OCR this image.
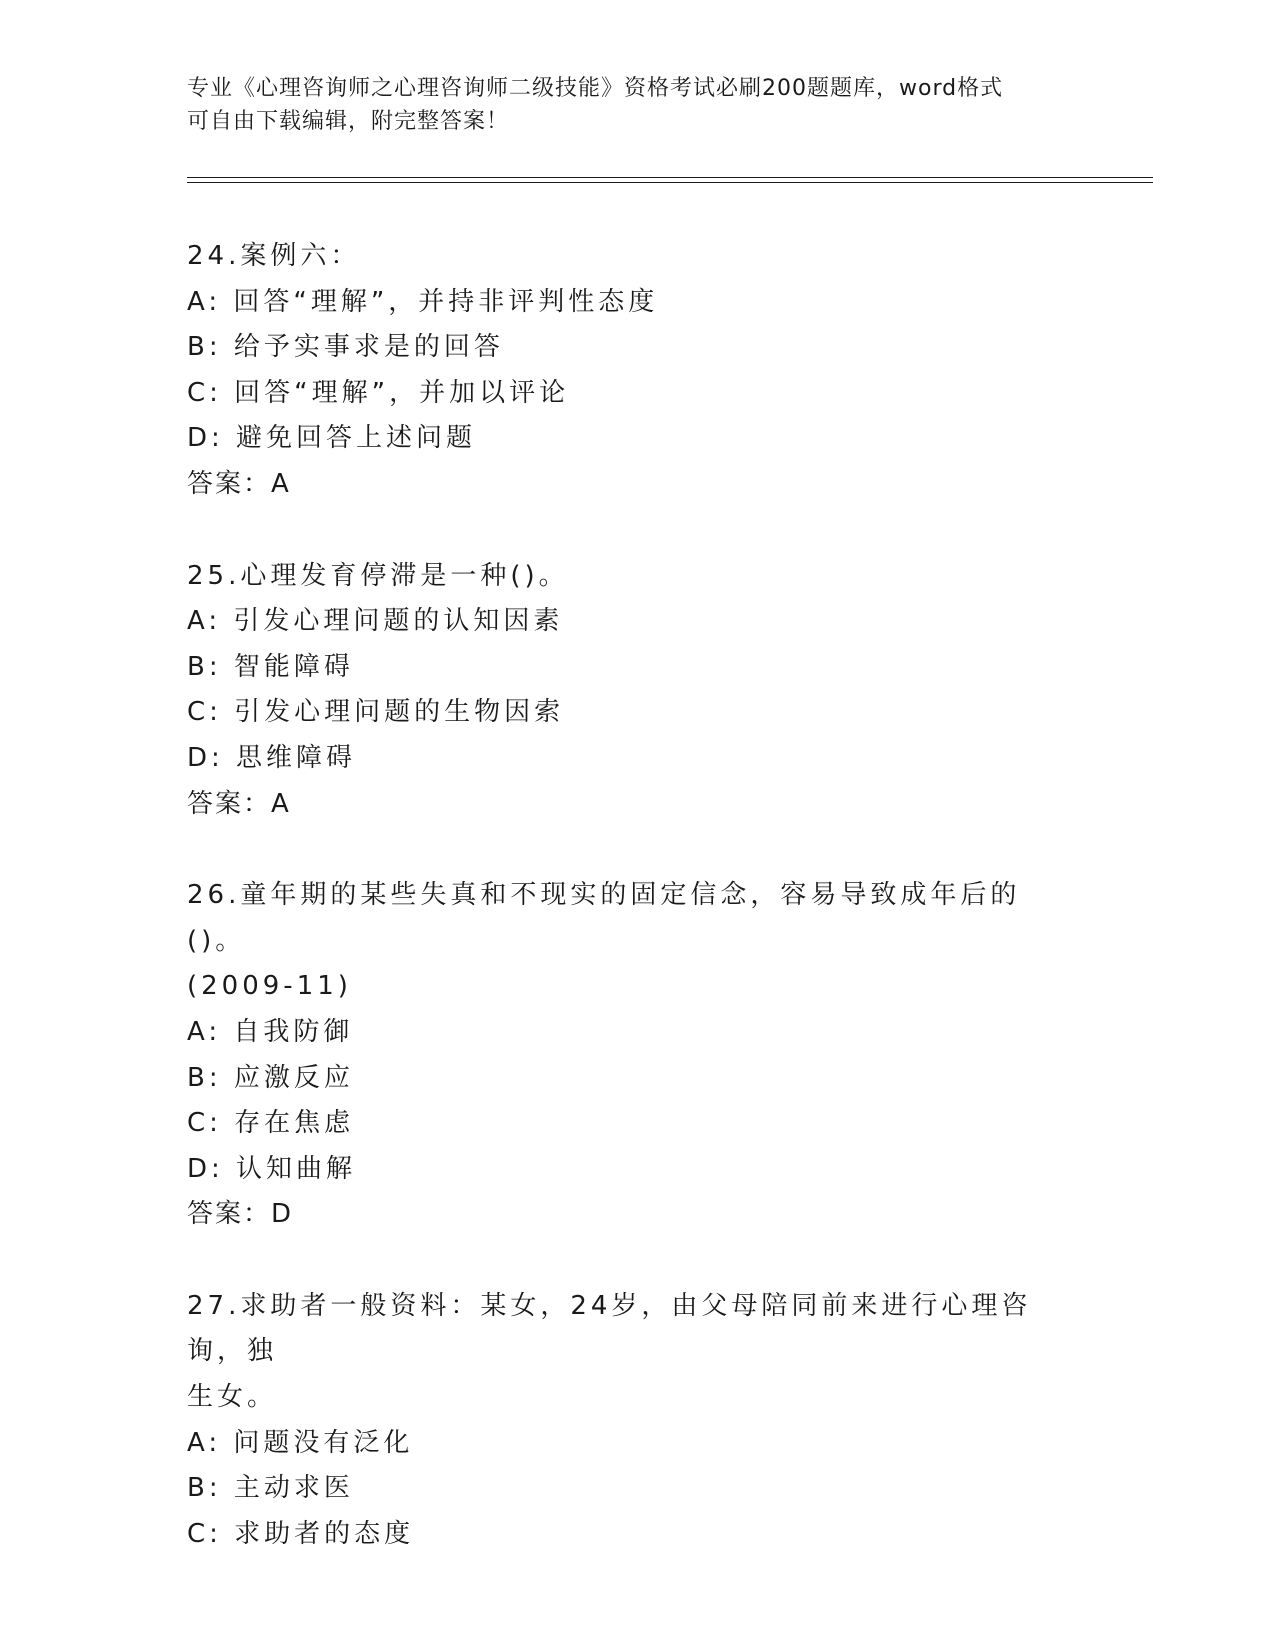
专业《心理咨询师之心理咨询师二级技能》资格考试必刷200题题库，word格式
可自由下载编辑，附完整答案！
24.案例六：
A: 回答“理解”，并持非评判性态度
B: 给予实事求是的回答
C: 回答“理解”，并加以评论
D: 避免回答上述问题
答案：A
25.心理发育停滞是一种()。
A: 引发心理问题的认知因素
B: 智能障碍
C: 引发心理问题的生物因索
D: 思维障碍
答案：A
26.童年期的某些失真和不现实的固定信念，容易导致成年后的()。
(2009-11)
A: 自我防御
B: 应激反应
C: 存在焦虑
D: 认知曲解
答案：D
27.求助者一般资料：某女，24岁，由父母陪同前来进行心理咨询，独
生女。
A: 问题没有泛化
B: 主动求医
C: 求助者的态度
